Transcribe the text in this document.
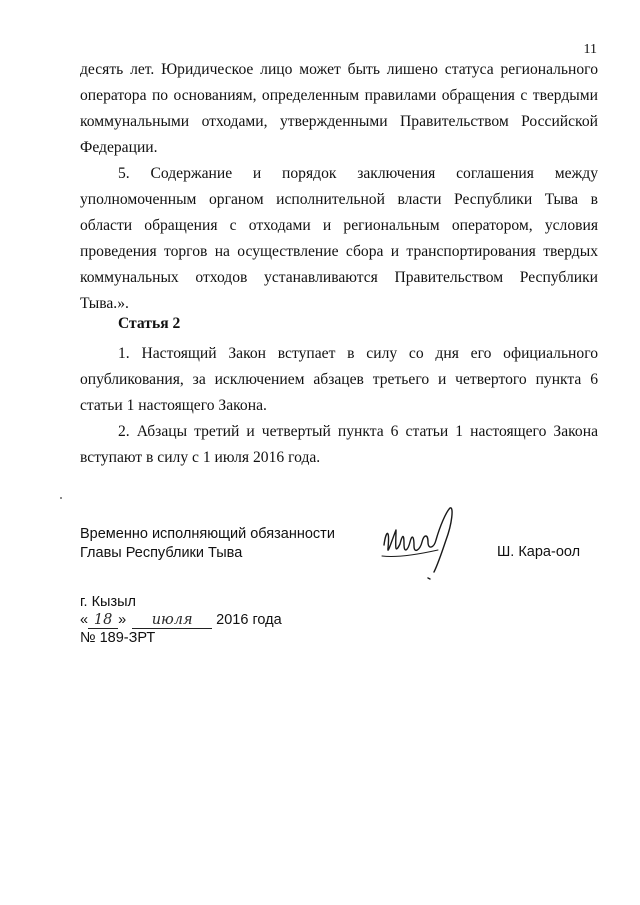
11
десять лет. Юридическое лицо может быть лишено статуса регионального оператора по основаниям, определенным правилами обращения с твердыми коммунальными отходами, утвержденными Правительством Российской Федерации.
5. Содержание и порядок заключения соглашения между уполномоченным органом исполнительной власти Республики Тыва в области обращения с отходами и региональным оператором, условия проведения торгов на осуществление сбора и транспортирования твердых коммунальных отходов устанавливаются Правительством Республики Тыва.».
Статья 2
1. Настоящий Закон вступает в силу со дня его официального опубликования, за исключением абзацев третьего и четвертого пункта 6 статьи 1 настоящего Закона.
2. Абзацы третий и четвертый пункта 6 статьи 1 настоящего Закона вступают в силу с 1 июля 2016 года.
Временно исполняющий обязанности
Главы Республики Тыва	Ш. Кара-оол
г. Кызыл
« 18 » июля 2016 года
№ 189-ЗРТ
